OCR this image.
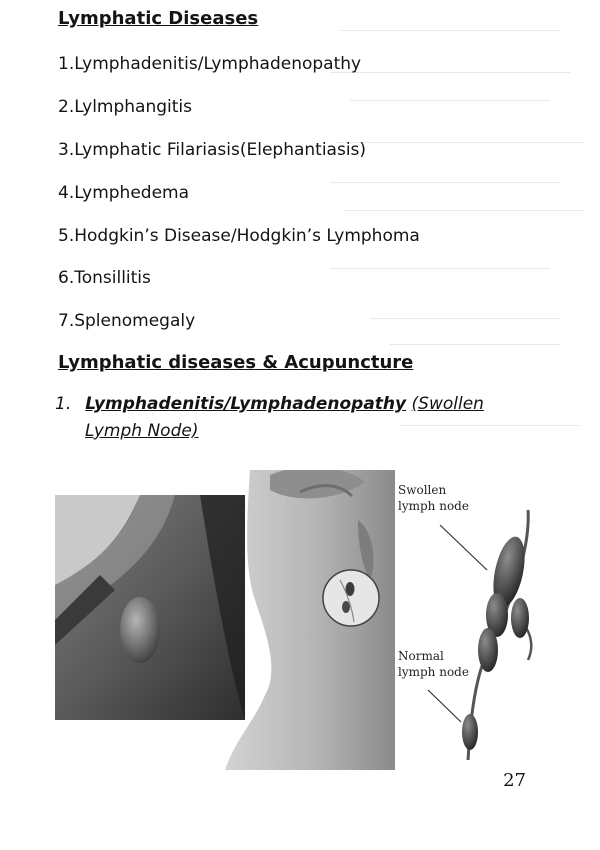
Lymphatic Diseases

1.Lymphadenitis/Lymphadenopathy

2.Lylmphangitis

3.Lymphatic Filariasis(Elephantiasis)

4.Lymphedema

5.Hodgkin’s Disease/Hodgkin’s Lymphoma

6.Tonsillitis

7.Splenomegaly

Lymphatic diseases & Acupuncture

1. Lymphadenitis/Lymphadenopathy (Swollen
Lymph Node)

Swollen
lymph node

Normal
lymph node

27
